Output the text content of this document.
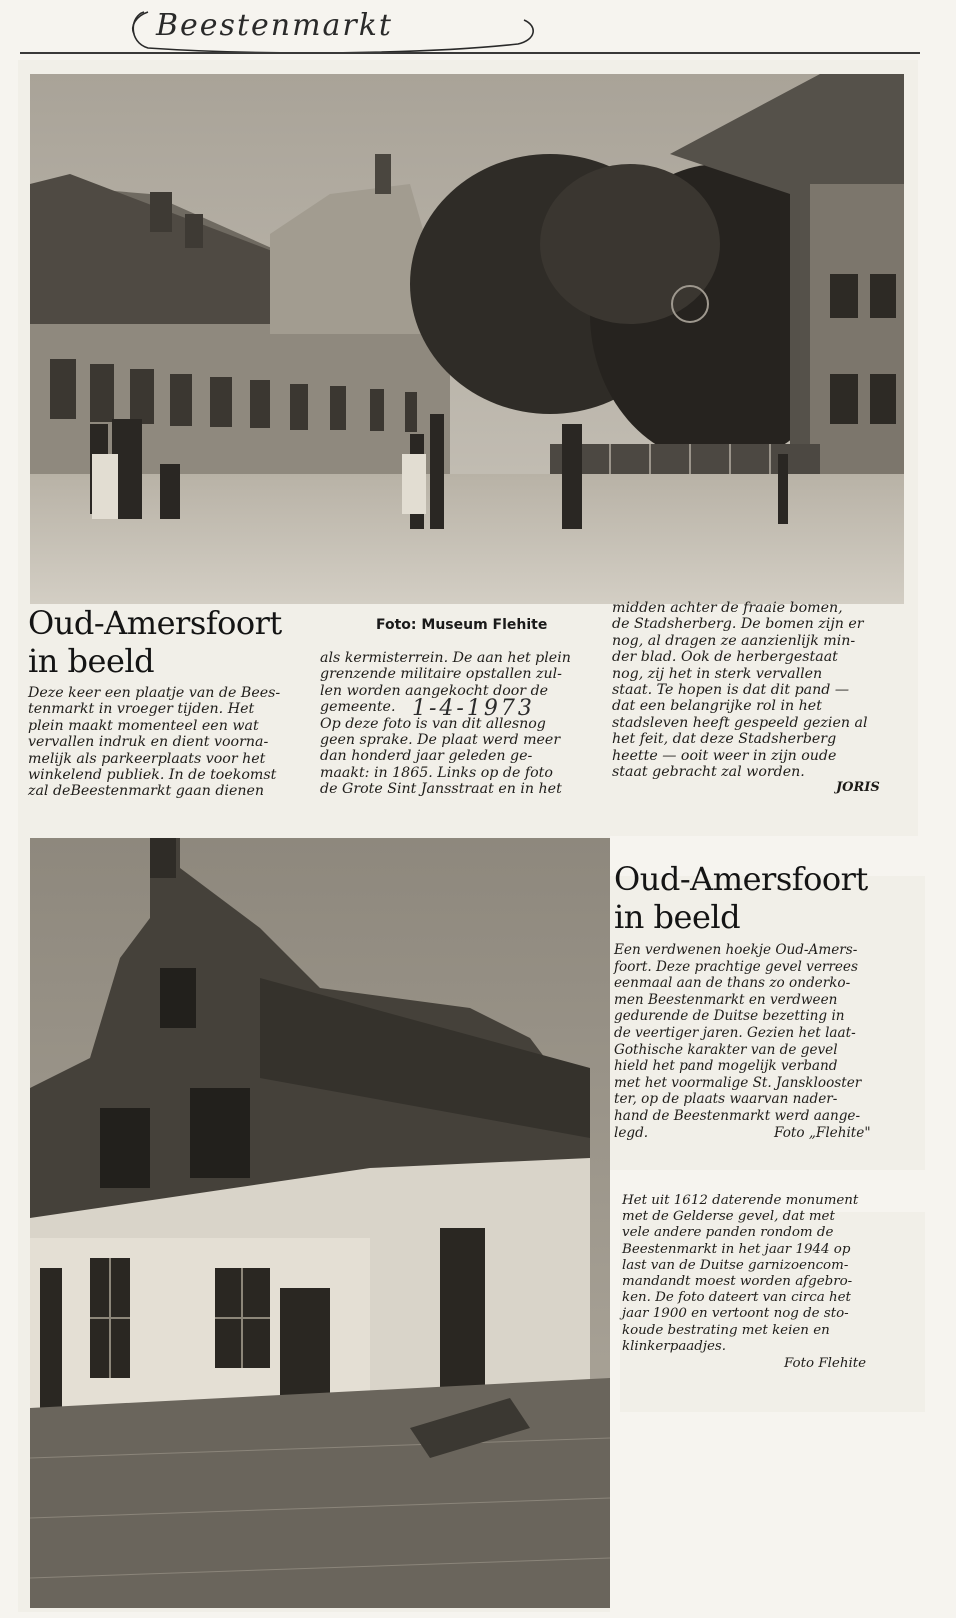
Beestenmarkt
Oud-Amersfoort
in beeld
Foto: Museum Flehite
Deze keer een plaatje van de Bees-
tenmarkt in vroeger tijden. Het
plein maakt momenteel een wat
vervallen indruk en dient voorna-
melijk als parkeerplaats voor het
winkelend publiek. In de toekomst
zal deBeestenmarkt gaan dienen
als kermisterrein. De aan het plein
grenzende militaire opstallen zul-
len worden aangekocht door de
gemeente.
Op deze foto is van dit allesnog
geen sprake. De plaat werd meer
dan honderd jaar geleden ge-
maakt: in 1865. Links op de foto
de Grote Sint Jansstraat en in het
1-4-1973
midden achter de fraaie bomen,
de Stadsherberg. De bomen zijn er
nog, al dragen ze aanzienlijk min-
der blad. Ook de herbergestaat
nog, zij het in sterk vervallen
staat. Te hopen is dat dit pand —
dat een belangrijke rol in het
stadsleven heeft gespeeld gezien al
het feit, dat deze Stadsherberg
heette — ooit weer in zijn oude
staat gebracht zal worden.
JORIS
Oud-Amersfoort
in beeld
Een verdwenen hoekje Oud-Amers-
foort. Deze prachtige gevel verrees
eenmaal aan de thans zo onderko-
men Beestenmarkt en verdween
gedurende de Duitse bezetting in
de veertiger jaren. Gezien het laat-
Gothische karakter van de gevel
hield het pand mogelijk verband
met het voormalige St. Jansklooster
ter, op de plaats waarvan nader-
hand de Beestenmarkt werd aange-
legd.	Foto „Flehite"
Het uit 1612 daterende monument
met de Gelderse gevel, dat met
vele andere panden rondom de
Beestenmarkt in het jaar 1944 op
last van de Duitse garnizoencom-
mandandt moest worden afgebro-
ken. De foto dateert van circa het
jaar 1900 en vertoont nog de sto-
koude bestrating met keien en
klinkerpaadjes.
Foto Flehite
